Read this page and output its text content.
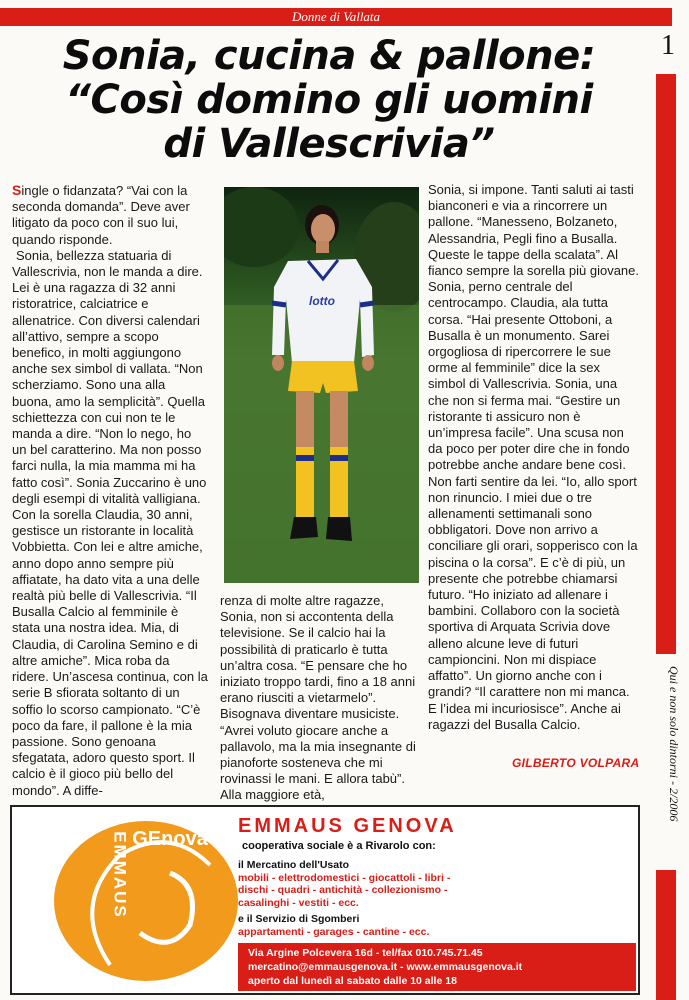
Donne di Vallata
1
Qui e non solo dintorni - 2/2006
Sonia, cucina & pallone:
“Così domino gli uomini
di Vallescrivia”

Single o fidanzata? “Vai con la seconda domanda”. Deve aver litigato da poco con il suo lui, quando risponde.

Sonia, bellezza statuaria di Vallescrivia, non le manda a dire. Lei è una ragazza di 32 anni ristoratrice, calciatrice e allenatrice. Con diversi calendari all’attivo, sempre a scopo benefico, in molti aggiungono anche sex simbol di vallata. “Non scherziamo. Sono una alla buona, amo la semplicità”. Quella schiettezza con cui non te le manda a dire. “Non lo nego, ho un bel caratterino. Ma non posso farci nulla, la mia mamma mi ha fatto così”. Sonia Zuccarino è uno degli esempi di vitalità valligiana. Con la sorella Claudia, 30 anni, gestisce un ristorante in località Vobbietta. Con lei e altre amiche, anno dopo anno sempre più affiatate, ha dato vita a una delle realtà più belle di Vallescrivia. “Il Busalla Calcio al femminile è stata una nostra idea. Mia, di Claudia, di Carolina Semino e di altre amiche”. Mica roba da ridere. Un’ascesa continua, con la serie B sfiorata soltanto di un soffio lo scorso campionato. “C’è poco da fare, il pallone è la mia passione. Sono genoana sfegatata, adoro questo sport. Il calcio è il gioco più bello del mondo”. A diffe-

lotto

renza di molte altre ragazze, Sonia, non si accontenta della televisione. Se il calcio hai la possibilità di praticarlo è tutta un’altra cosa. “E pensare che ho iniziato troppo tardi, fino a 18 anni erano riusciti a vietarmelo”. Bisognava diventare musiciste. “Avrei voluto giocare anche a pallavolo, ma la mia insegnante di pianoforte sosteneva che mi rovinassi le mani. E allora tabù”. Alla maggiore età,

Sonia, si impone. Tanti saluti ai tasti bianconeri e via a rincorrere un pallone. “Manesseno, Bolzaneto, Alessandria, Pegli fino a Busalla. Queste le tappe della scalata”. Al fianco sempre la sorella più giovane. Sonia, perno centrale del centrocampo. Claudia, ala tutta corsa. “Hai presente Ottoboni, a Busalla è un monumento. Sarei orgogliosa di ripercorrere le sue orme al femminile” dice la sex simbol di Vallescrivia. Sonia, una che non si ferma mai. “Gestire un ristorante ti assicuro non è un’impresa facile”. Una scusa non da poco per poter dire che in fondo potrebbe anche andare bene così. Non farti sentire da lei. “Io, allo sport non rinuncio. I miei due o tre allenamenti settimanali sono obbligatori. Dove non arrivo a conciliare gli orari, sopperisco con la piscina o la corsa”. E c’è di più, un presente che potrebbe chiamarsi futuro. “Ho iniziato ad allenare i bambini. Collaboro con la società sportiva di Arquata Scrivia dove alleno alcune leve di futuri campioncini. Non mi dispiace affatto”. Un giorno anche con i grandi? “Il carattere non mi manca. E l’idea mi incuriosisce”. Anche ai ragazzi del Busalla Calcio.

GILBERTO VOLPARA
GEnova
EMMAUS
EMMAUS GENOVA
cooperativa sociale è a Rivarolo con:
il Mercatino dell'Usato
mobili - elettrodomestici - giocattoli - libri -
dischi - quadri - antichità - collezionismo -
casalinghi - vestiti - ecc.
e il Servizio di Sgomberi
appartamenti - garages - cantine - ecc.
Via Argine Polcevera 16d - tel/fax 010.745.71.45
mercatino@emmausgenova.it - www.emmausgenova.it
aperto dal lunedì al sabato dalle 10 alle 18
